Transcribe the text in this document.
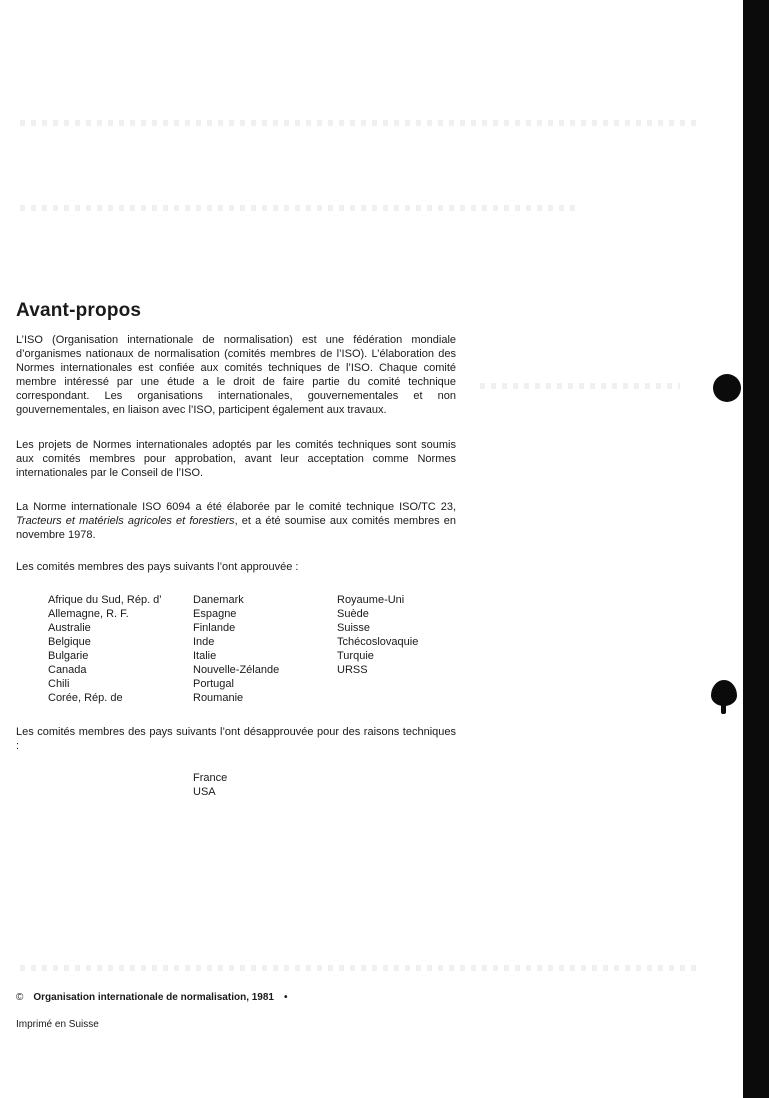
Avant-propos

L’ISO (Organisation internationale de normalisation) est une fédération mondiale d’organismes nationaux de normalisation (comités membres de l’ISO). L’élaboration des Normes internationales est confiée aux comités techniques de l’ISO. Chaque comité membre intéressé par une étude a le droit de faire partie du comité technique correspondant. Les organisations internationales, gouvernementales et non gouvernementales, en liaison avec l’ISO, participent également aux travaux.

Les projets de Normes internationales adoptés par les comités techniques sont soumis aux comités membres pour approbation, avant leur acceptation comme Normes internationales par le Conseil de l’ISO.

La Norme internationale ISO 6094 a été élaborée par le comité technique ISO/TC 23, Tracteurs et matériels agricoles et forestiers, et a été soumise aux comités membres en novembre 1978.

Les comités membres des pays suivants l’ont approuvée :

Afrique du Sud, Rép. d’
Allemagne, R. F.
Australie
Belgique
Bulgarie
Canada
Chili
Corée, Rép. de
Danemark
Espagne
Finlande
Inde
Italie
Nouvelle-Zélande
Portugal
Roumanie
Royaume-Uni
Suède
Suisse
Tchécoslovaquie
Turquie
URSS

Les comités membres des pays suivants l’ont désapprouvée pour des raisons techniques :

France
USA
© Organisation internationale de normalisation, 1981 •
Imprimé en Suisse
